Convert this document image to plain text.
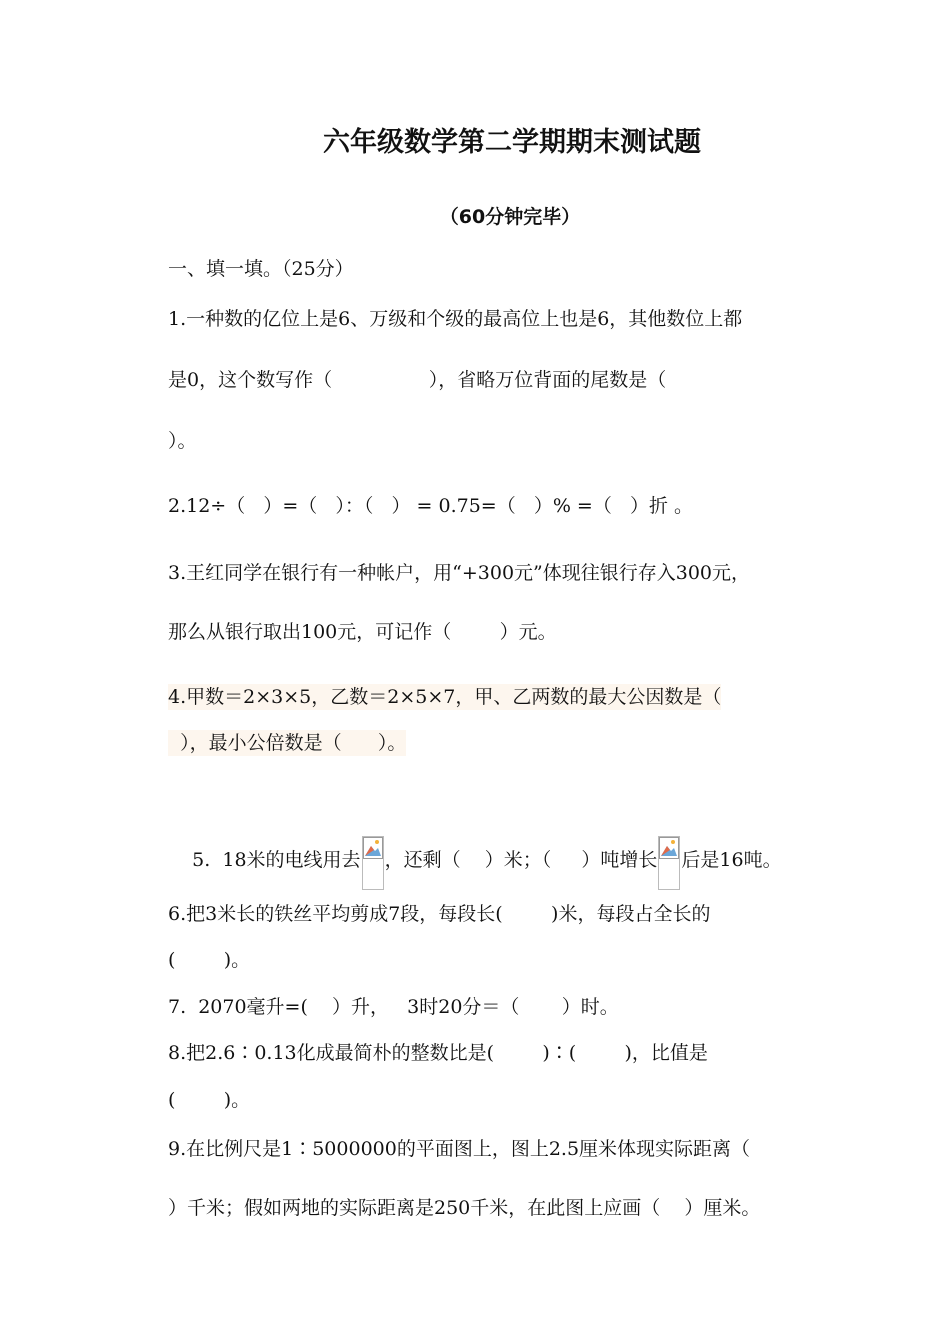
六年级数学第二学期期末测试题
（60分钟完毕）
一、填一填。（25分）
1.一种数的亿位上是6、万级和个级的最高位上也是6，其他数位上都
是0，这个数写作（                ），省略万位背面的尾数是（
）。
2.12÷（   ）=（   ）：（   ） = 0.75=（   ）% =（   ）折 。
3.王红同学在银行有一种帐户，用“+300元”体现往银行存入300元，
那么从银行取出100元，可记作（        ）元。
4.甲数＝2×3×5，乙数＝2×5×7，甲、乙两数的最大公因数是（
），最小公倍数是（      ）。

5.  18米的电线用去 ，还剩（    ）米；（     ）吨增长 后是16吨。

6.把3米长的铁丝平均剪成7段，每段长(        )米，每段占全长的
(        )。
7.  2070毫升=(    ）升，   3时20分＝（       ）时。
8.把2.6∶0.13化成最简朴的整数比是(        )∶(        )，比值是
(        )。
9.在比例尺是1∶5000000的平面图上，图上2.5厘米体现实际距离（
）千米；假如两地的实际距离是250千米，在此图上应画（    ）厘米。
